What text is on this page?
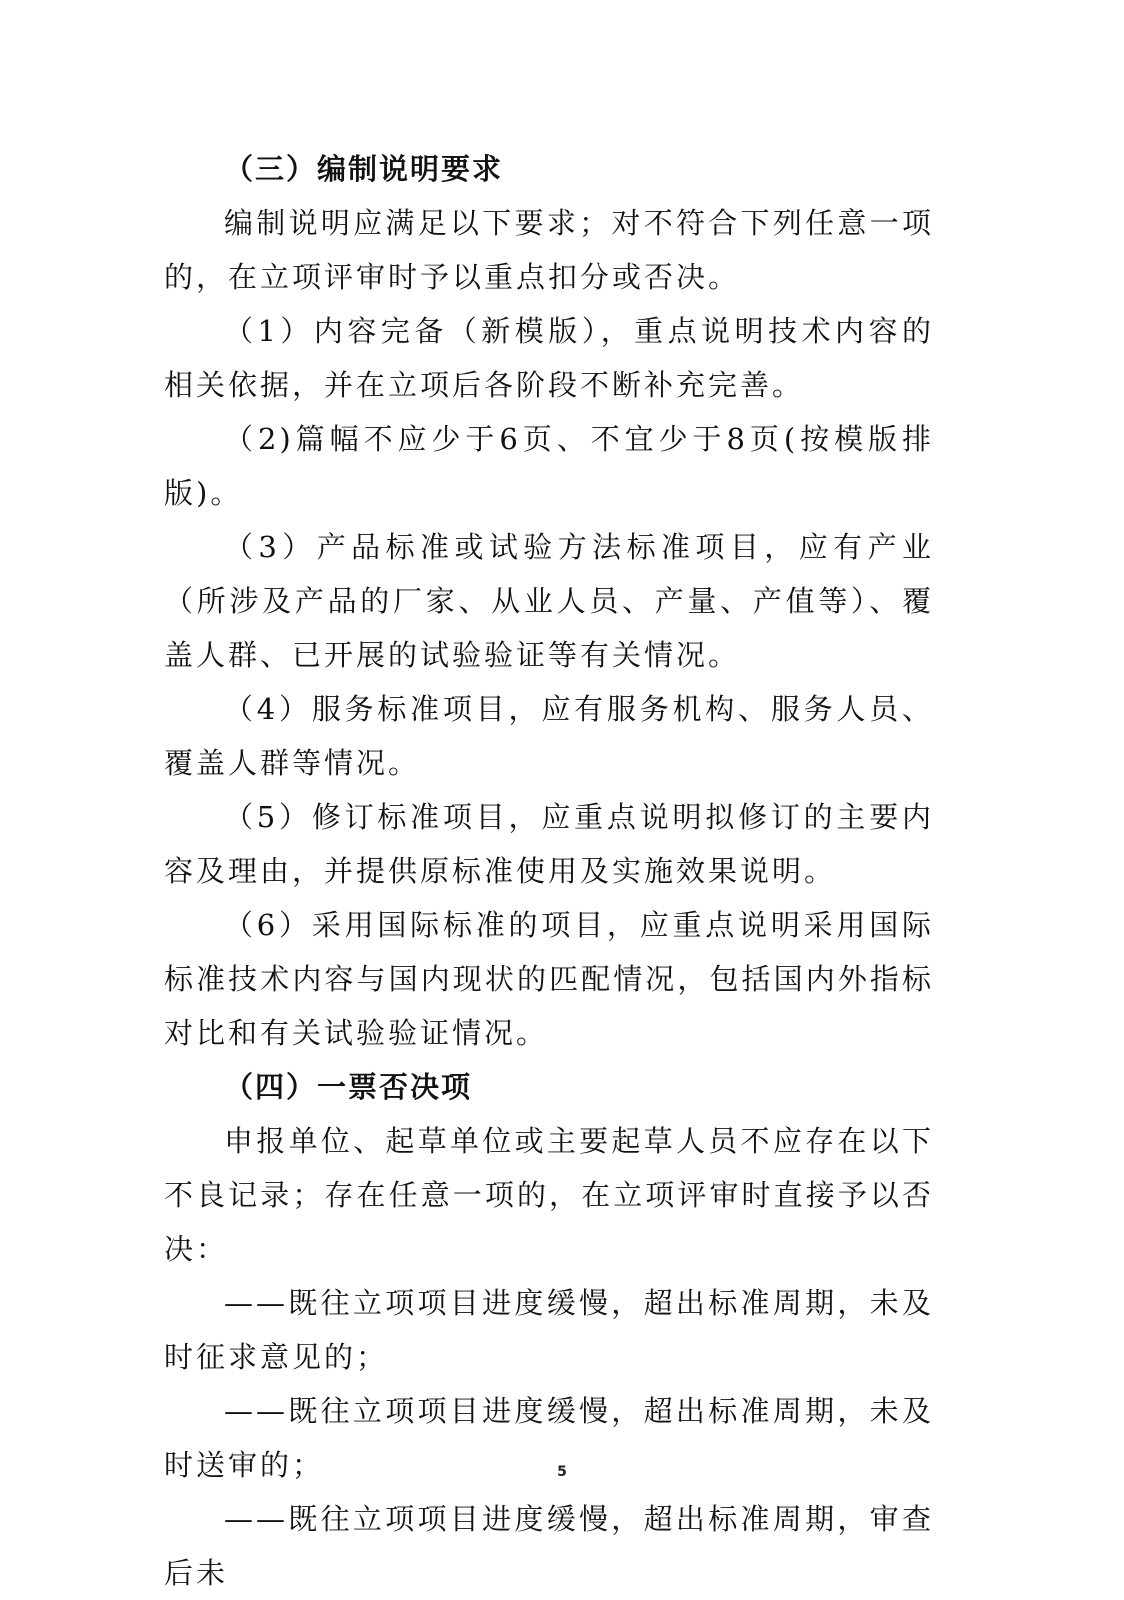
（三）编制说明要求

编制说明应满足以下要求；对不符合下列任意一项的，在立项评审时予以重点扣分或否决。

（1）内容完备（新模版），重点说明技术内容的相关依据，并在立项后各阶段不断补充完善。

（2)篇幅不应少于6页、不宜少于8页(按模版排版)。

（3）产品标准或试验方法标准项目，应有产业（所涉及产品的厂家、从业人员、产量、产值等）、覆盖人群、已开展的试验验证等有关情况。

（4）服务标准项目，应有服务机构、服务人员、覆盖人群等情况。

（5）修订标准项目，应重点说明拟修订的主要内容及理由，并提供原标准使用及实施效果说明。

（6）采用国际标准的项目，应重点说明采用国际标准技术内容与国内现状的匹配情况，包括国内外指标对比和有关试验验证情况。

（四）一票否决项

申报单位、起草单位或主要起草人员不应存在以下不良记录；存在任意一项的，在立项评审时直接予以否决：

——既往立项项目进度缓慢，超出标准周期，未及时征求意见的；

——既往立项项目进度缓慢，超出标准周期，未及时送审的；

——既往立项项目进度缓慢，超出标准周期，审查后未

5
